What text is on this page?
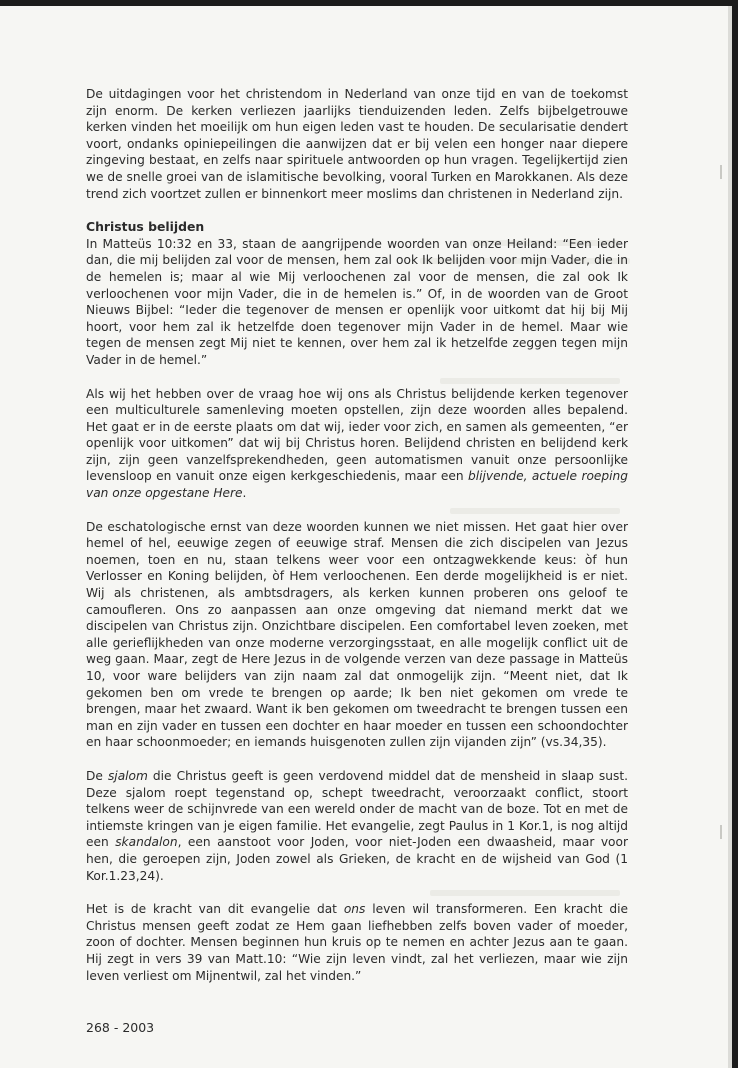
De uitdagingen voor het christendom in Nederland van onze tijd en van de toekomst zijn enorm. De kerken verliezen jaarlijks tienduizenden leden. Zelfs bijbelgetrouwe kerken vinden het moeilijk om hun eigen leden vast te houden. De secularisatie dendert voort, ondanks opiniepeilingen die aanwijzen dat er bij velen een honger naar diepere zingeving bestaat, en zelfs naar spirituele antwoorden op hun vragen. Tegelijkertijd zien we de snelle groei van de islamitische bevolking, vooral Turken en Marokkanen. Als deze trend zich voortzet zullen er binnenkort meer moslims dan christenen in Nederland zijn.

Christus belijden

In Matteüs 10:32 en 33, staan de aangrijpende woorden van onze Heiland: “Een ieder dan, die mij belijden zal voor de mensen, hem zal ook Ik belijden voor mijn Vader, die in de hemelen is; maar al wie Mij verloochenen zal voor de mensen, die zal ook Ik verloochenen voor mijn Vader, die in de hemelen is.” Of, in de woorden van de Groot Nieuws Bijbel: “Ieder die tegenover de mensen er openlijk voor uitkomt dat hij bij Mij hoort, voor hem zal ik hetzelfde doen tegenover mijn Vader in de hemel. Maar wie tegen de mensen zegt Mij niet te kennen, over hem zal ik hetzelfde zeggen tegen mijn Vader in de hemel.”

Als wij het hebben over de vraag hoe wij ons als Christus belijdende kerken tegenover een multiculturele samenleving moeten opstellen, zijn deze woorden alles bepalend. Het gaat er in de eerste plaats om dat wij, ieder voor zich, en samen als gemeenten, “er openlijk voor uitkomen” dat wij bij Christus horen. Belijdend christen en belijdend kerk zijn, zijn geen vanzelfsprekendheden, geen automatismen vanuit onze persoonlijke levensloop en vanuit onze eigen kerkgeschiedenis, maar een blijvende, actuele roeping van onze opgestane Here.

De eschatologische ernst van deze woorden kunnen we niet missen. Het gaat hier over hemel of hel, eeuwige zegen of eeuwige straf. Mensen die zich discipelen van Jezus noemen, toen en nu, staan telkens weer voor een ontzagwekkende keus: òf hun Verlosser en Koning belijden, òf Hem verloochenen. Een derde mogelijkheid is er niet. Wij als christenen, als ambtsdragers, als kerken kunnen proberen ons geloof te camoufleren. Ons zo aanpassen aan onze omgeving dat niemand merkt dat we discipelen van Christus zijn. Onzichtbare discipelen. Een comfortabel leven zoeken, met alle gerieflijkheden van onze moderne verzorgingsstaat, en alle mogelijk conflict uit de weg gaan. Maar, zegt de Here Jezus in de volgende verzen van deze passage in Matteüs 10, voor ware belijders van zijn naam zal dat onmogelijk zijn. “Meent niet, dat Ik gekomen ben om vrede te brengen op aarde; Ik ben niet gekomen om vrede te brengen, maar het zwaard. Want ik ben gekomen om tweedracht te brengen tussen een man en zijn vader en tussen een dochter en haar moeder en tussen een schoondochter en haar schoonmoeder; en iemands huisgenoten zullen zijn vijanden zijn” (vs.34,35).

De sjalom die Christus geeft is geen verdovend middel dat de mensheid in slaap sust. Deze sjalom roept tegenstand op, schept tweedracht, veroorzaakt conflict, stoort telkens weer de schijnvrede van een wereld onder de macht van de boze. Tot en met de intiemste kringen van je eigen familie. Het evangelie, zegt Paulus in 1 Kor.1, is nog altijd een skandalon, een aanstoot voor Joden, voor niet-Joden een dwaasheid, maar voor hen, die geroepen zijn, Joden zowel als Grieken, de kracht en de wijsheid van God (1 Kor.1.23,24).

Het is de kracht van dit evangelie dat ons leven wil transformeren. Een kracht die Christus mensen geeft zodat ze Hem gaan liefhebben zelfs boven vader of moeder, zoon of dochter. Mensen beginnen hun kruis op te nemen en achter Jezus aan te gaan. Hij zegt in vers 39 van Matt.10: “Wie zijn leven vindt, zal het verliezen, maar wie zijn leven verliest om Mijnentwil, zal het vinden.”

268 - 2003
